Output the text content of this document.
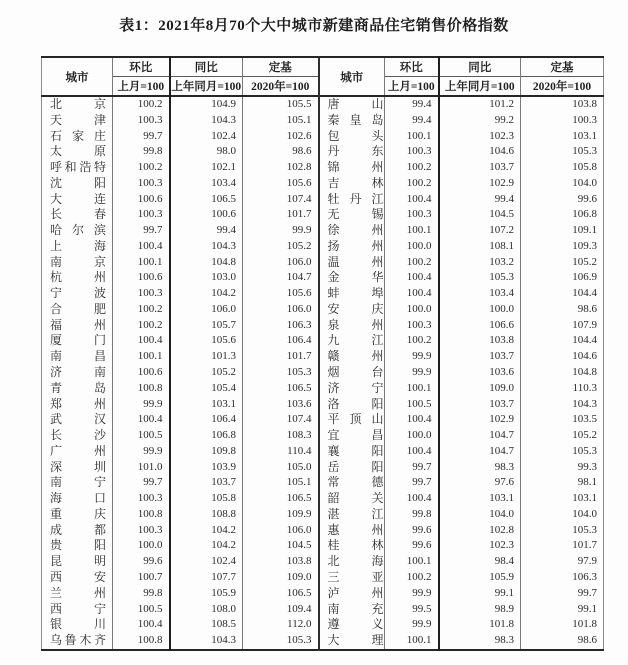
表1：2021年8月70个大中城市新建商品住宅销售价格指数
城市	环比	同比	定基	城市	环比	同比	定基
	上月=100	上年同月=100	2020年=100		上月=100	上年同月=100	2020年=100
北京	100.2	104.9	105.5	唐山	99.4	101.2	103.8
天津	100.3	104.3	105.1	秦皇岛	99.4	99.2	100.3
石家庄	99.7	102.4	102.6	包头	100.1	102.3	103.1
太原	99.8	98.0	98.6	丹东	100.3	104.6	105.3
呼和浩特	100.2	102.1	102.8	锦州	100.2	103.7	105.8
沈阳	100.3	103.4	105.6	吉林	100.2	102.9	104.0
大连	100.6	106.5	107.4	牡丹江	100.4	99.4	99.6
长春	100.3	100.6	101.7	无锡	100.3	104.5	106.8
哈尔滨	99.7	99.4	99.9	徐州	100.1	107.2	109.1
上海	100.4	104.3	105.2	扬州	100.0	108.1	109.3
南京	100.1	104.8	106.0	温州	100.2	103.2	105.2
杭州	100.6	103.0	104.7	金华	100.4	105.3	106.9
宁波	100.3	104.2	105.6	蚌埠	100.4	103.4	104.4
合肥	100.2	106.0	106.0	安庆	100.0	100.0	98.6
福州	100.2	105.7	106.3	泉州	100.3	106.6	107.9
厦门	100.4	105.6	106.4	九江	100.2	103.8	104.4
南昌	100.1	101.3	101.7	赣州	99.9	103.7	104.6
济南	100.6	105.2	105.3	烟台	99.9	103.6	104.8
青岛	100.8	105.4	106.5	济宁	100.1	109.0	110.3
郑州	99.9	103.1	103.6	洛阳	100.5	103.7	104.3
武汉	100.4	106.4	107.4	平顶山	100.4	102.9	103.5
长沙	100.5	106.8	108.3	宜昌	100.0	104.7	105.2
广州	99.9	109.8	110.4	襄阳	100.4	104.7	105.3
深圳	101.0	103.9	105.0	岳阳	99.7	98.3	99.3
南宁	99.7	103.7	105.1	常德	99.7	97.6	98.1
海口	100.3	105.8	106.5	韶关	100.4	103.1	103.1
重庆	100.8	108.8	109.9	湛江	99.8	104.0	104.0
成都	100.3	104.2	106.0	惠州	99.6	102.8	105.3
贵阳	100.0	104.2	104.5	桂林	99.6	102.3	101.7
昆明	99.6	102.4	103.8	北海	100.1	98.4	97.9
西安	100.7	107.7	109.0	三亚	100.2	105.9	106.3
兰州	99.8	105.9	106.5	泸州	99.9	99.1	99.7
西宁	100.5	108.0	109.4	南充	99.5	98.9	99.1
银川	100.4	108.5	112.0	遵义	99.9	101.8	101.8
乌鲁木齐	100.8	104.3	105.3	大理	100.1	98.3	98.6
